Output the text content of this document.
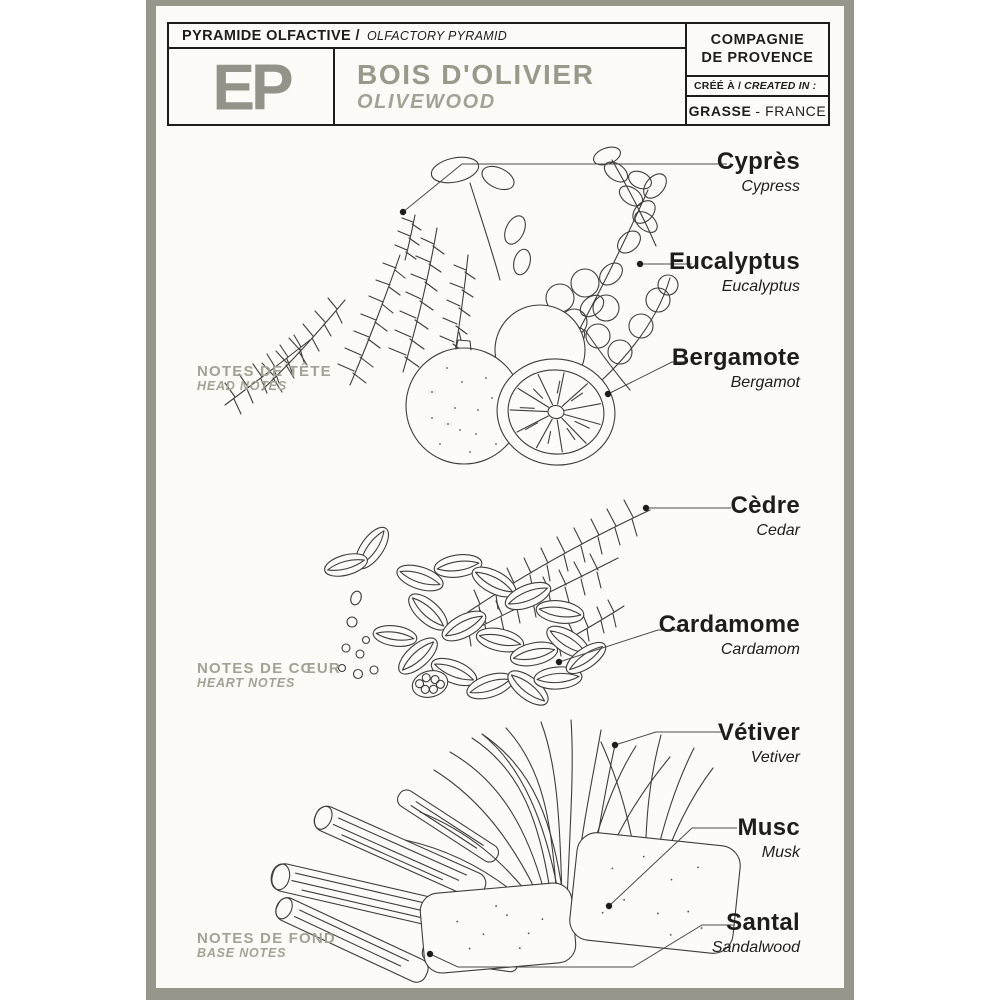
PYRAMIDE OLFACTIVE / OLFACTORY PYRAMID
EP BOIS D'OLIVIER
OLIVEWOOD
COMPAGNIE
DE PROVENCE
CRÉÉ À / CREATED IN :
GRASSE - FRANCE
NOTES DE TÊTE
HEAD NOTES
NOTES DE CŒUR
HEART NOTES
NOTES DE FOND
BASE NOTES
Cyprès
Cypress
Eucalyptus
Eucalyptus
Bergamote
Bergamot
Cèdre
Cedar
Cardamome
Cardamom
Vétiver
Vetiver
Musc
Musk
Santal
Sandalwood
